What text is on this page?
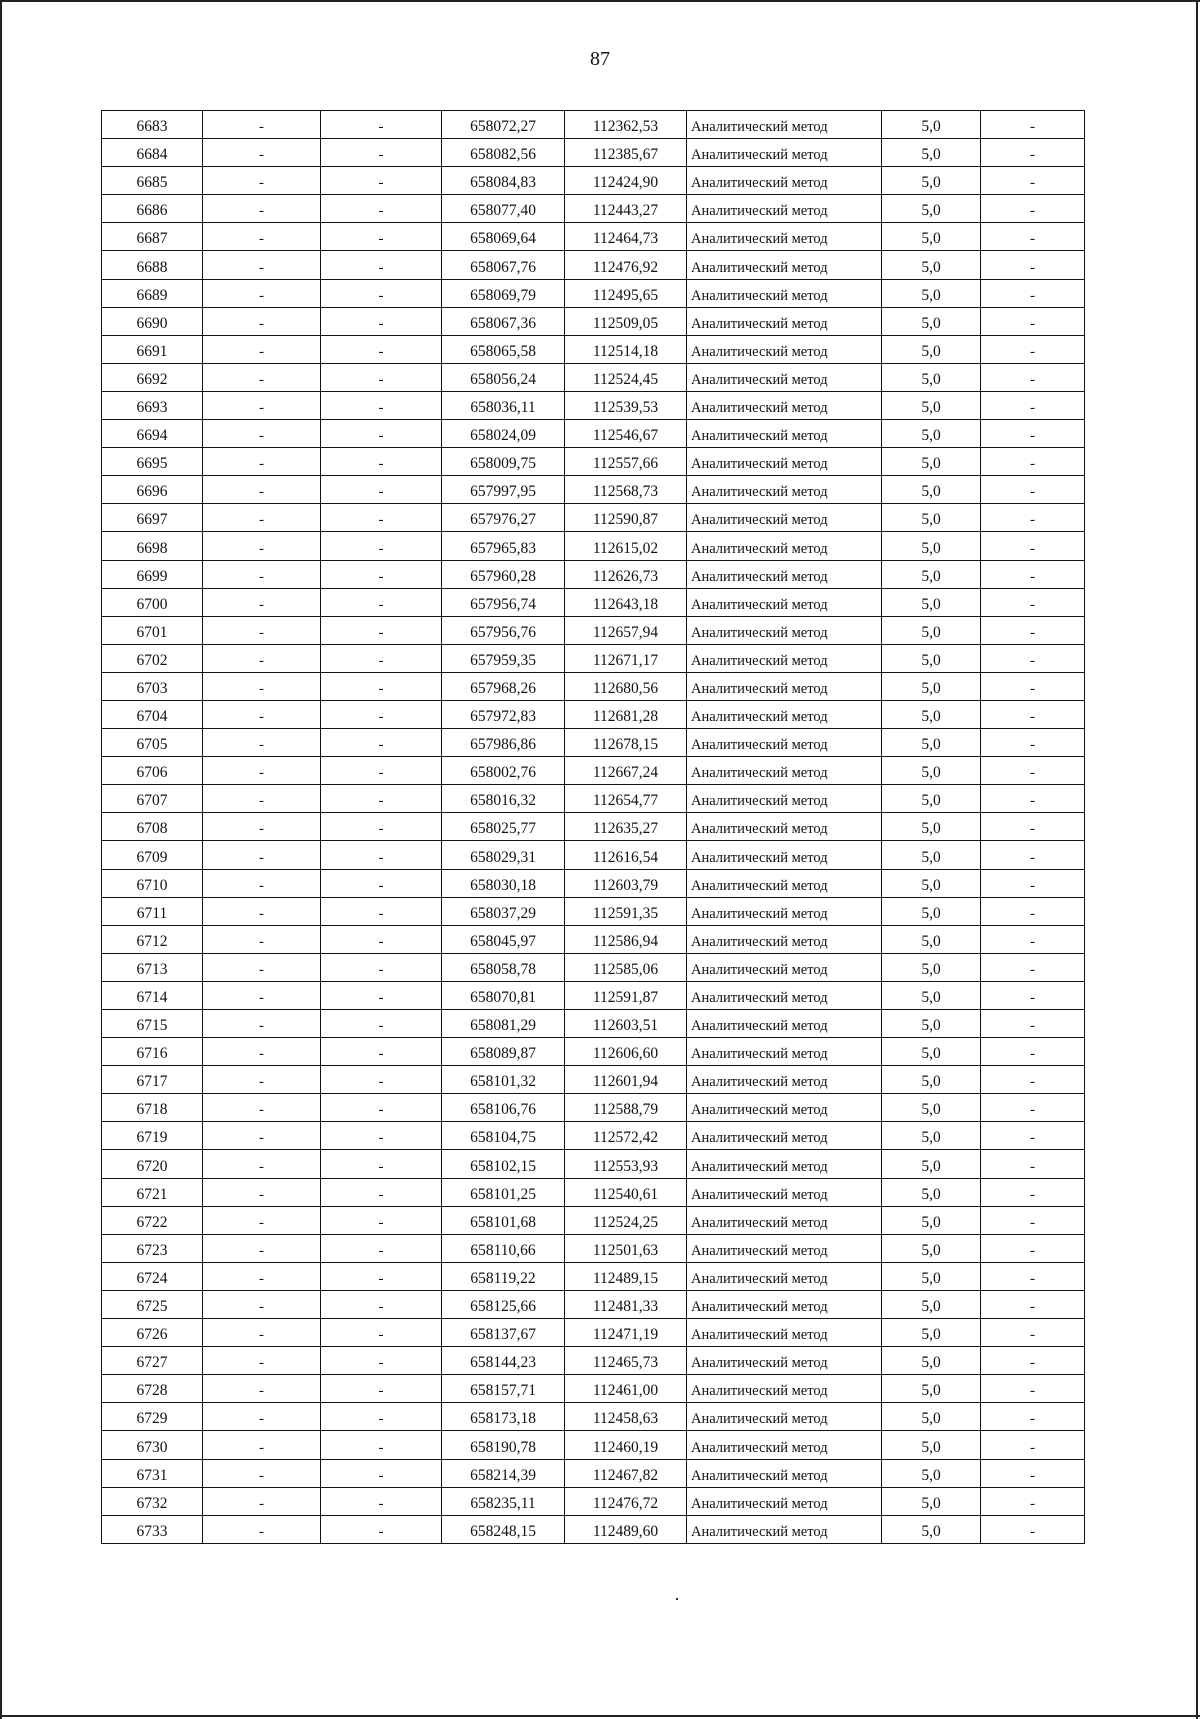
87
6683	-	-	658072,27	112362,53	Аналитический метод	5,0	-
6684	-	-	658082,56	112385,67	Аналитический метод	5,0	-
6685	-	-	658084,83	112424,90	Аналитический метод	5,0	-
6686	-	-	658077,40	112443,27	Аналитический метод	5,0	-
6687	-	-	658069,64	112464,73	Аналитический метод	5,0	-
6688	-	-	658067,76	112476,92	Аналитический метод	5,0	-
6689	-	-	658069,79	112495,65	Аналитический метод	5,0	-
6690	-	-	658067,36	112509,05	Аналитический метод	5,0	-
6691	-	-	658065,58	112514,18	Аналитический метод	5,0	-
6692	-	-	658056,24	112524,45	Аналитический метод	5,0	-
6693	-	-	658036,11	112539,53	Аналитический метод	5,0	-
6694	-	-	658024,09	112546,67	Аналитический метод	5,0	-
6695	-	-	658009,75	112557,66	Аналитический метод	5,0	-
6696	-	-	657997,95	112568,73	Аналитический метод	5,0	-
6697	-	-	657976,27	112590,87	Аналитический метод	5,0	-
6698	-	-	657965,83	112615,02	Аналитический метод	5,0	-
6699	-	-	657960,28	112626,73	Аналитический метод	5,0	-
6700	-	-	657956,74	112643,18	Аналитический метод	5,0	-
6701	-	-	657956,76	112657,94	Аналитический метод	5,0	-
6702	-	-	657959,35	112671,17	Аналитический метод	5,0	-
6703	-	-	657968,26	112680,56	Аналитический метод	5,0	-
6704	-	-	657972,83	112681,28	Аналитический метод	5,0	-
6705	-	-	657986,86	112678,15	Аналитический метод	5,0	-
6706	-	-	658002,76	112667,24	Аналитический метод	5,0	-
6707	-	-	658016,32	112654,77	Аналитический метод	5,0	-
6708	-	-	658025,77	112635,27	Аналитический метод	5,0	-
6709	-	-	658029,31	112616,54	Аналитический метод	5,0	-
6710	-	-	658030,18	112603,79	Аналитический метод	5,0	-
6711	-	-	658037,29	112591,35	Аналитический метод	5,0	-
6712	-	-	658045,97	112586,94	Аналитический метод	5,0	-
6713	-	-	658058,78	112585,06	Аналитический метод	5,0	-
6714	-	-	658070,81	112591,87	Аналитический метод	5,0	-
6715	-	-	658081,29	112603,51	Аналитический метод	5,0	-
6716	-	-	658089,87	112606,60	Аналитический метод	5,0	-
6717	-	-	658101,32	112601,94	Аналитический метод	5,0	-
6718	-	-	658106,76	112588,79	Аналитический метод	5,0	-
6719	-	-	658104,75	112572,42	Аналитический метод	5,0	-
6720	-	-	658102,15	112553,93	Аналитический метод	5,0	-
6721	-	-	658101,25	112540,61	Аналитический метод	5,0	-
6722	-	-	658101,68	112524,25	Аналитический метод	5,0	-
6723	-	-	658110,66	112501,63	Аналитический метод	5,0	-
6724	-	-	658119,22	112489,15	Аналитический метод	5,0	-
6725	-	-	658125,66	112481,33	Аналитический метод	5,0	-
6726	-	-	658137,67	112471,19	Аналитический метод	5,0	-
6727	-	-	658144,23	112465,73	Аналитический метод	5,0	-
6728	-	-	658157,71	112461,00	Аналитический метод	5,0	-
6729	-	-	658173,18	112458,63	Аналитический метод	5,0	-
6730	-	-	658190,78	112460,19	Аналитический метод	5,0	-
6731	-	-	658214,39	112467,82	Аналитический метод	5,0	-
6732	-	-	658235,11	112476,72	Аналитический метод	5,0	-
6733	-	-	658248,15	112489,60	Аналитический метод	5,0	-
